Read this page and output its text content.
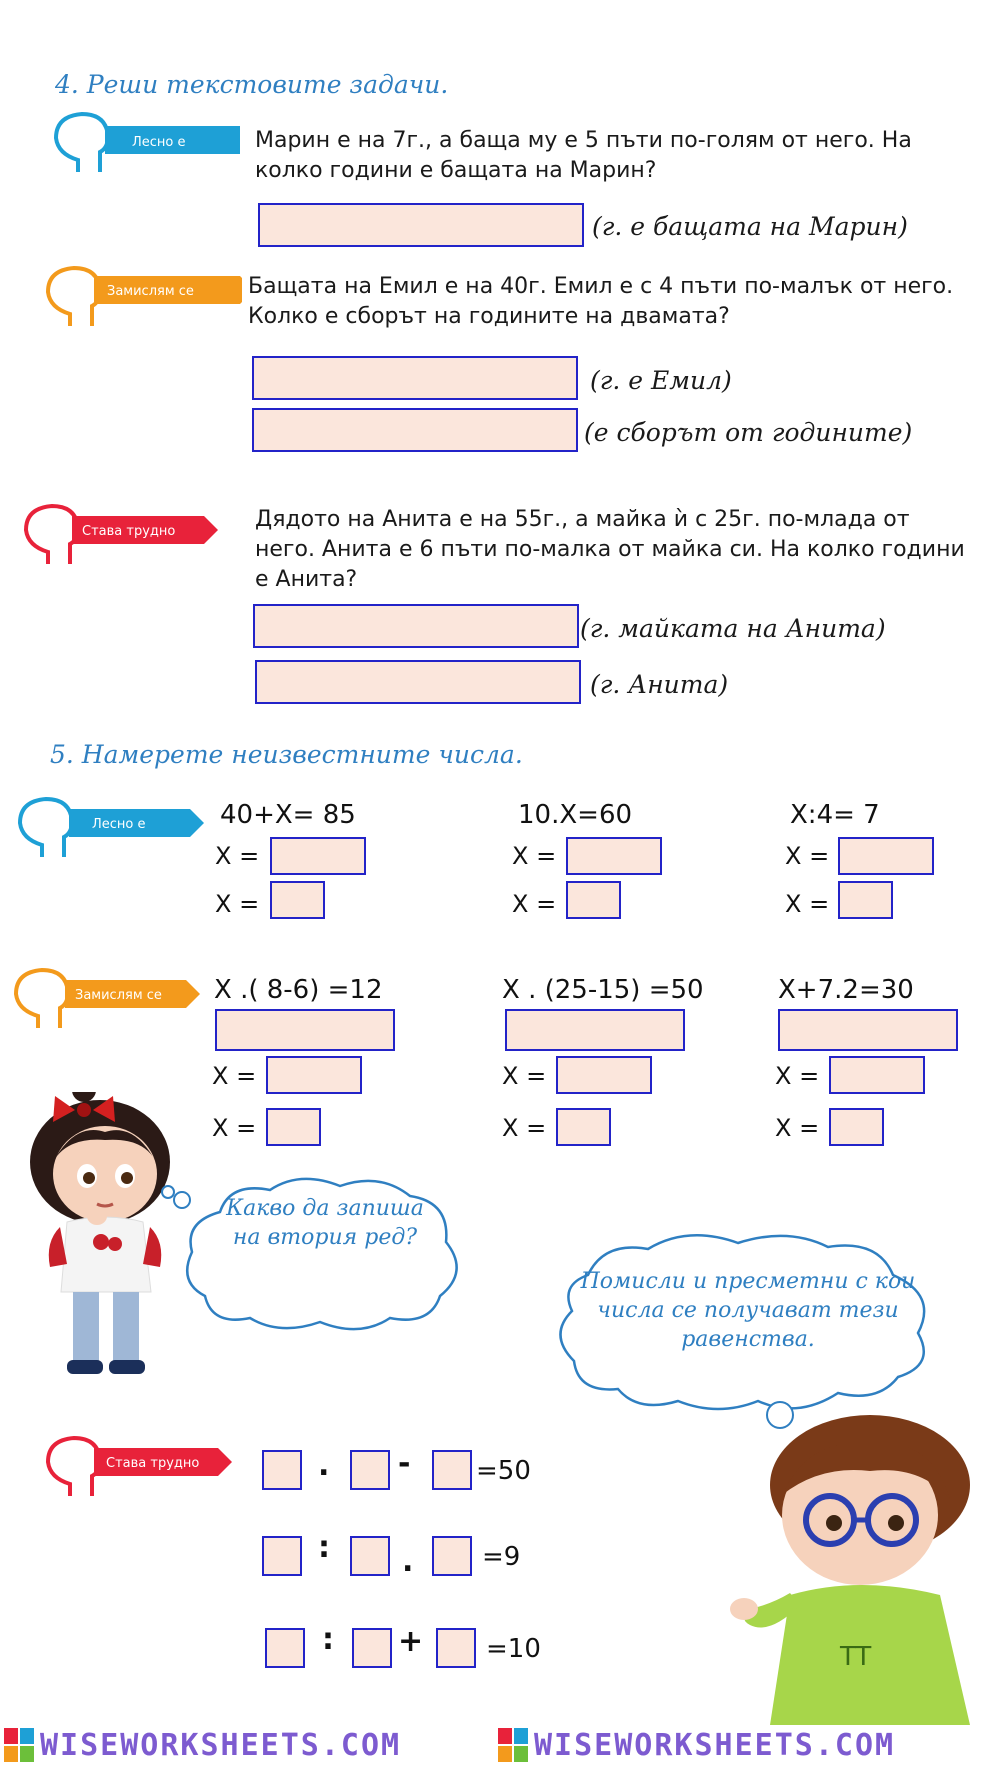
4. Реши текстовите задачи.
Лесно е	Марин е на 7г., а баща му е 5 пъти по-голям от него. На колко години е бащата на Марин?
(г. е бащата на Марин)
Замислям се Бащата на Емил е на 40г. Емил е с 4 пъти по-малък от него. Колко е сборът на годините на двамата?
(г. е Емил)
(е сборът от годините)
Става трудно	Дядото на Анита е на 55г., а майка ѝ с 25г. по-млада от него. Анита е 6 пъти по-малка от майка си. На колко години е Анита?
(г. майката на Анита)
(г. Анита)
5. Намерете неизвестните числа.
Лесно е	40+X= 85
X =
X =
10.X=60
X =
X =
X:4= 7
X =
X =
Замислям се X .( 8-6) =12
X =
X =
X . (25-15) =50
X =
X =
X+7.2=30
X =
X =
Какво да запиша на втория ред?
Помисли и пресметни с кои числа се получават тези равенства.
Става трудно	. -	=50
: .	=9
: + =10	TT
WISEWORKSHEETS.COM	WISEWORKSHEETS.COM
